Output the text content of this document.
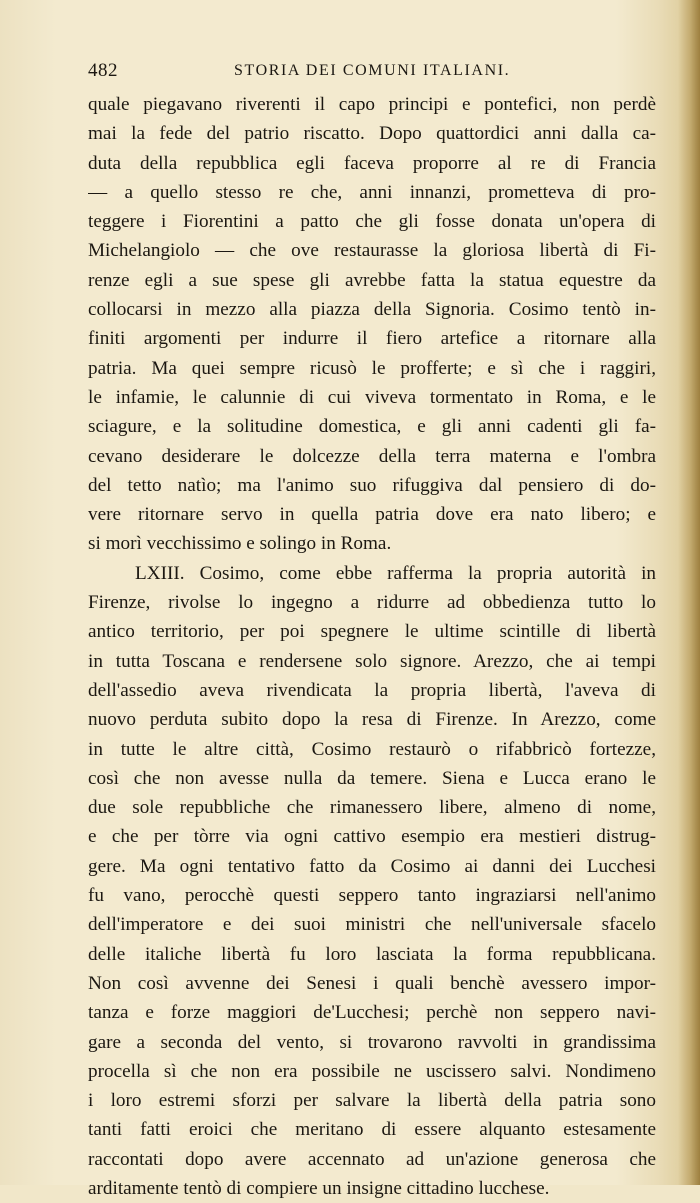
482	STORIA DEI COMUNI ITALIANI.
quale piegavano riverenti il capo principi e pontefici, non perdè
mai la fede del patrio riscatto. Dopo quattordici anni dalla ca-
duta della repubblica egli faceva proporre al re di Francia
— a quello stesso re che, anni innanzi, prometteva di pro-
teggere i Fiorentini a patto che gli fosse donata un'opera di
Michelangiolo — che ove restaurasse la gloriosa libertà di Fi-
renze egli a sue spese gli avrebbe fatta la statua equestre da
collocarsi in mezzo alla piazza della Signoria. Cosimo tentò in-
finiti argomenti per indurre il fiero artefice a ritornare alla
patria. Ma quei sempre ricusò le profferte; e sì che i raggiri,
le infamie, le calunnie di cui viveva tormentato in Roma, e le
sciagure, e la solitudine domestica, e gli anni cadenti gli fa-
cevano desiderare le dolcezze della terra materna e l'ombra
del tetto natìo; ma l'animo suo rifuggiva dal pensiero di do-
vere ritornare servo in quella patria dove era nato libero; e
si morì vecchissimo e solingo in Roma.
LXIII. Cosimo, come ebbe rafferma la propria autorità in
Firenze, rivolse lo ingegno a ridurre ad obbedienza tutto lo
antico territorio, per poi spegnere le ultime scintille di libertà
in tutta Toscana e rendersene solo signore. Arezzo, che ai tempi
dell'assedio aveva rivendicata la propria libertà, l'aveva di
nuovo perduta subito dopo la resa di Firenze. In Arezzo, come
in tutte le altre città, Cosimo restaurò o rifabbricò fortezze,
così che non avesse nulla da temere. Siena e Lucca erano le
due sole repubbliche che rimanessero libere, almeno di nome,
e che per tòrre via ogni cattivo esempio era mestieri distrug-
gere. Ma ogni tentativo fatto da Cosimo ai danni dei Lucchesi
fu vano, perocchè questi seppero tanto ingraziarsi nell'animo
dell'imperatore e dei suoi ministri che nell'universale sfacelo
delle italiche libertà fu loro lasciata la forma repubblicana.
Non così avvenne dei Senesi i quali benchè avessero impor-
tanza e forze maggiori de'Lucchesi; perchè non seppero navi-
gare a seconda del vento, si trovarono ravvolti in grandissima
procella sì che non era possibile ne uscissero salvi. Nondimeno
i loro estremi sforzi per salvare la libertà della patria sono
tanti fatti eroici che meritano di essere alquanto estesamente
raccontati dopo avere accennato ad un'azione generosa che
arditamente tentò di compiere un insigne cittadino lucchese.
